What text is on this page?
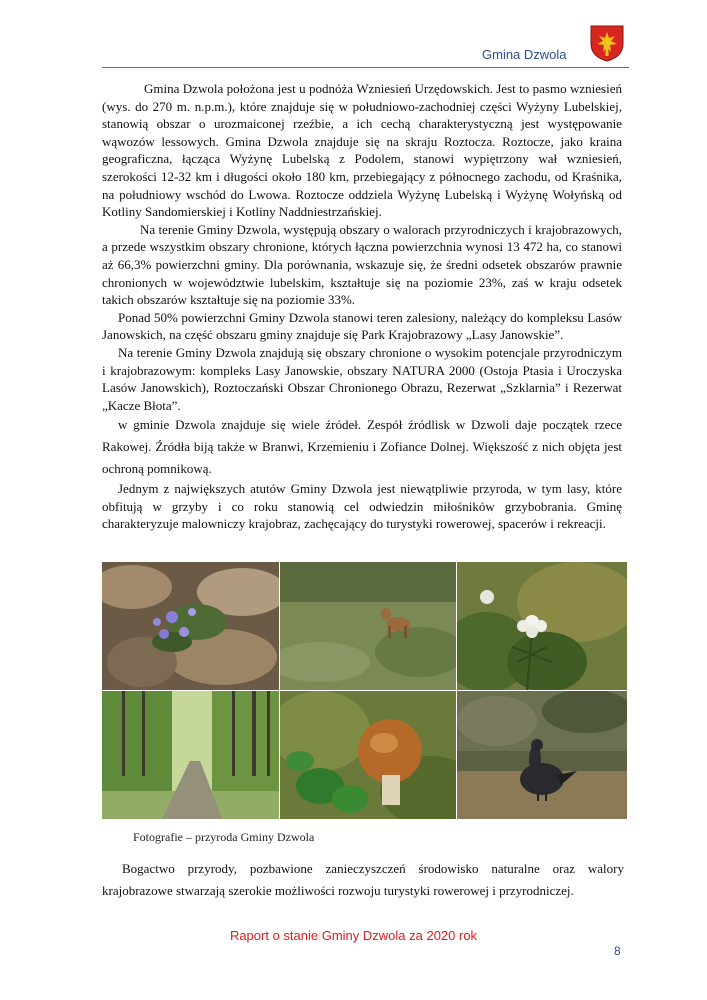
Gmina Dzwola

Gmina Dzwola położona jest u podnóża Wzniesień Urzędowskich. Jest to pasmo wzniesień (wys. do 270 m. n.p.m.), które znajduje się w południowo-zachodniej części Wyżyny Lubelskiej, stanowią obszar o urozmaiconej rzeźbie, a ich cechą charakterystyczną jest występowanie wąwozów lessowych. Gmina Dzwola znajduje się na skraju Roztocza. Roztocze, jako kraina geograficzna, łącząca Wyżynę Lubelską z Podolem, stanowi wypiętrzony wał wzniesień, szerokości 12-32 km i długości około 180 km, przebiegający z północnego zachodu, od Kraśnika, na południowy wschód do Lwowa. Roztocze oddziela Wyżynę Lubelską i Wyżynę Wołyńską od Kotliny Sandomierskiej i Kotliny Naddniestrzańskiej.

Na terenie Gminy Dzwola, występują obszary o walorach przyrodniczych i krajobrazowych, a przede wszystkim obszary chronione, których łączna powierzchnia wynosi 13 472 ha, co stanowi aż 66,3% powierzchni gminy. Dla porównania, wskazuje się, że średni odsetek obszarów prawnie chronionych w województwie lubelskim, kształtuje się na poziomie 23%, zaś w kraju odsetek takich obszarów kształtuje się na poziomie 33%.

Ponad 50% powierzchni Gminy Dzwola stanowi teren zalesiony, należący do kompleksu Lasów Janowskich, na część obszaru gminy znajduje się Park Krajobrazowy „Lasy Janowskie”.

Na terenie Gminy Dzwola znajdują się obszary chronione o wysokim potencjale przyrodniczym i krajobrazowym: kompleks Lasy Janowskie, obszary NATURA 2000 (Ostoja Ptasia i Uroczyska Lasów Janowskich), Roztoczański Obszar Chronionego Obrazu, Rezerwat „Szklarnia” i Rezerwat „Kacze Błota”.

w gminie Dzwola znajduje się wiele źródeł. Zespół źródlisk w Dzwoli daje początek rzece Rakowej. Źródła biją także w Branwi, Krzemieniu i Zofiance Dolnej. Większość z nich objęta jest ochroną pomnikową.

Jednym z największych atutów Gminy Dzwola jest niewątpliwie przyroda, w tym lasy, które obfitują w grzyby i co roku stanowią cel odwiedzin miłośników grzybobrania. Gminę charakteryzuje malowniczy krajobraz, zachęcający do turystyki rowerowej, spacerów i rekreacji.

Fotografie – przyroda Gminy Dzwola

Bogactwo przyrody, pozbawione zanieczyszczeń środowisko naturalne oraz walory krajobrazowe stwarzają szerokie możliwości rozwoju turystyki rowerowej i przyrodniczej.

Raport o stanie Gminy Dzwola za 2020 rok
8
